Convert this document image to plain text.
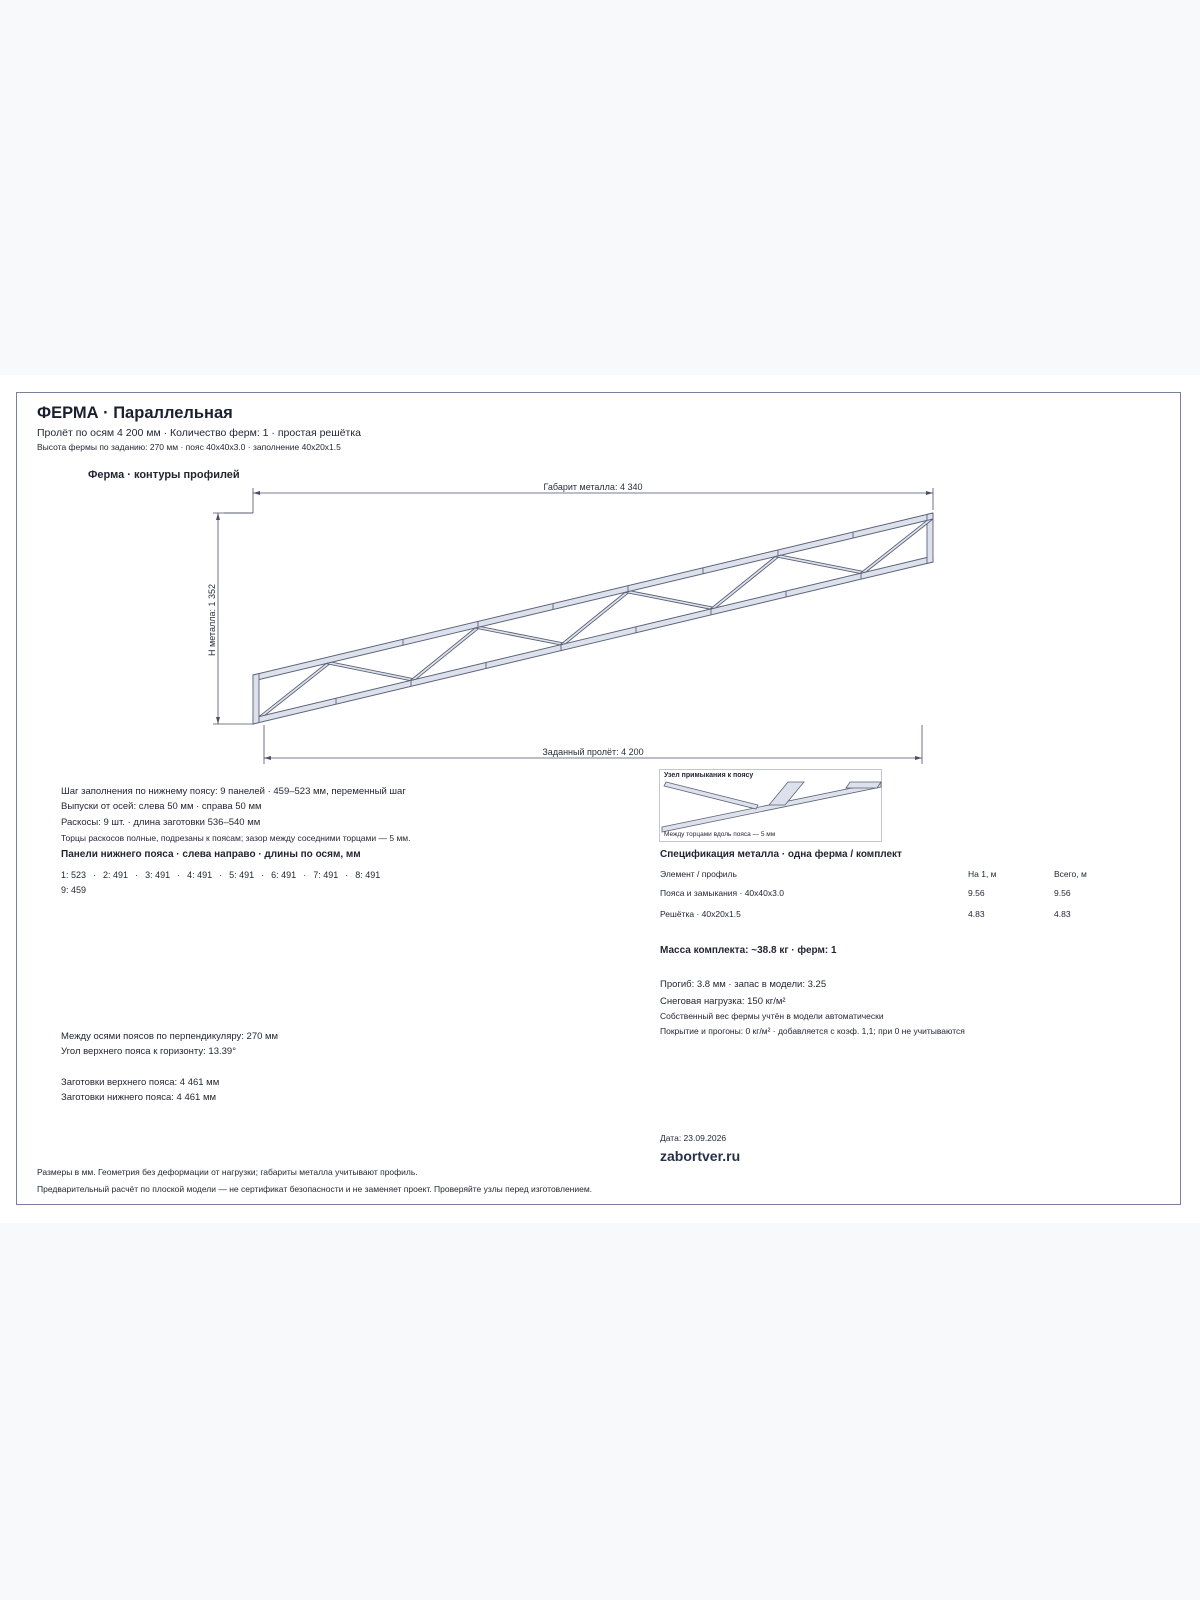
ФЕРМА · Параллельная
Пролёт по осям 4 200 мм · Количество ферм: 1 · простая решётка
Высота фермы по заданию: 270 мм · пояс 40x40x3.0 · заполнение 40x20x1.5
Ферма · контуры профилей
Габарит металла: 4 340
Н металла: 1 352
Заданный пролёт: 4 200
Шаг заполнения по нижнему поясу: 9 панелей · 459–523 мм, переменный шаг
Выпуски от осей: слева 50 мм · справа 50 мм
Раскосы: 9 шт. · длина заготовки 536–540 мм
Торцы раскосов полные, подрезаны к поясам; зазор между соседними торцами — 5 мм.
Панели нижнего пояса · слева направо · длины по осям, мм
1: 523 · 2: 491 · 3: 491 · 4: 491 · 5: 491 · 6: 491 · 7: 491 · 8: 491
9: 459
Узел примыкания к поясу
Между торцами вдоль пояса — 5 мм
Спецификация металла · одна ферма / комплект
Элемент / профиль	На 1, м	Всего, м
Пояса и замыкания · 40x40x3.0	9.56	9.56
Решётка · 40x20x1.5	4.83	4.83
Масса комплекта: ~38.8 кг · ферм: 1
Прогиб: 3.8 мм · запас в модели: 3.25
Снеговая нагрузка: 150 кг/м²
Собственный вес фермы учтён в модели автоматически
Покрытие и прогоны: 0 кг/м² · добавляется с коэф. 1,1; при 0 не учитываются
Между осями поясов по перпендикуляру: 270 мм
Угол верхнего пояса к горизонту: 13.39°
Заготовки верхнего пояса: 4 461 мм
Заготовки нижнего пояса: 4 461 мм
Дата: 23.09.2026
zabortver.ru
Размеры в мм. Геометрия без деформации от нагрузки; габариты металла учитывают профиль.
Предварительный расчёт по плоской модели — не сертификат безопасности и не заменяет проект. Проверяйте узлы перед изготовлением.
